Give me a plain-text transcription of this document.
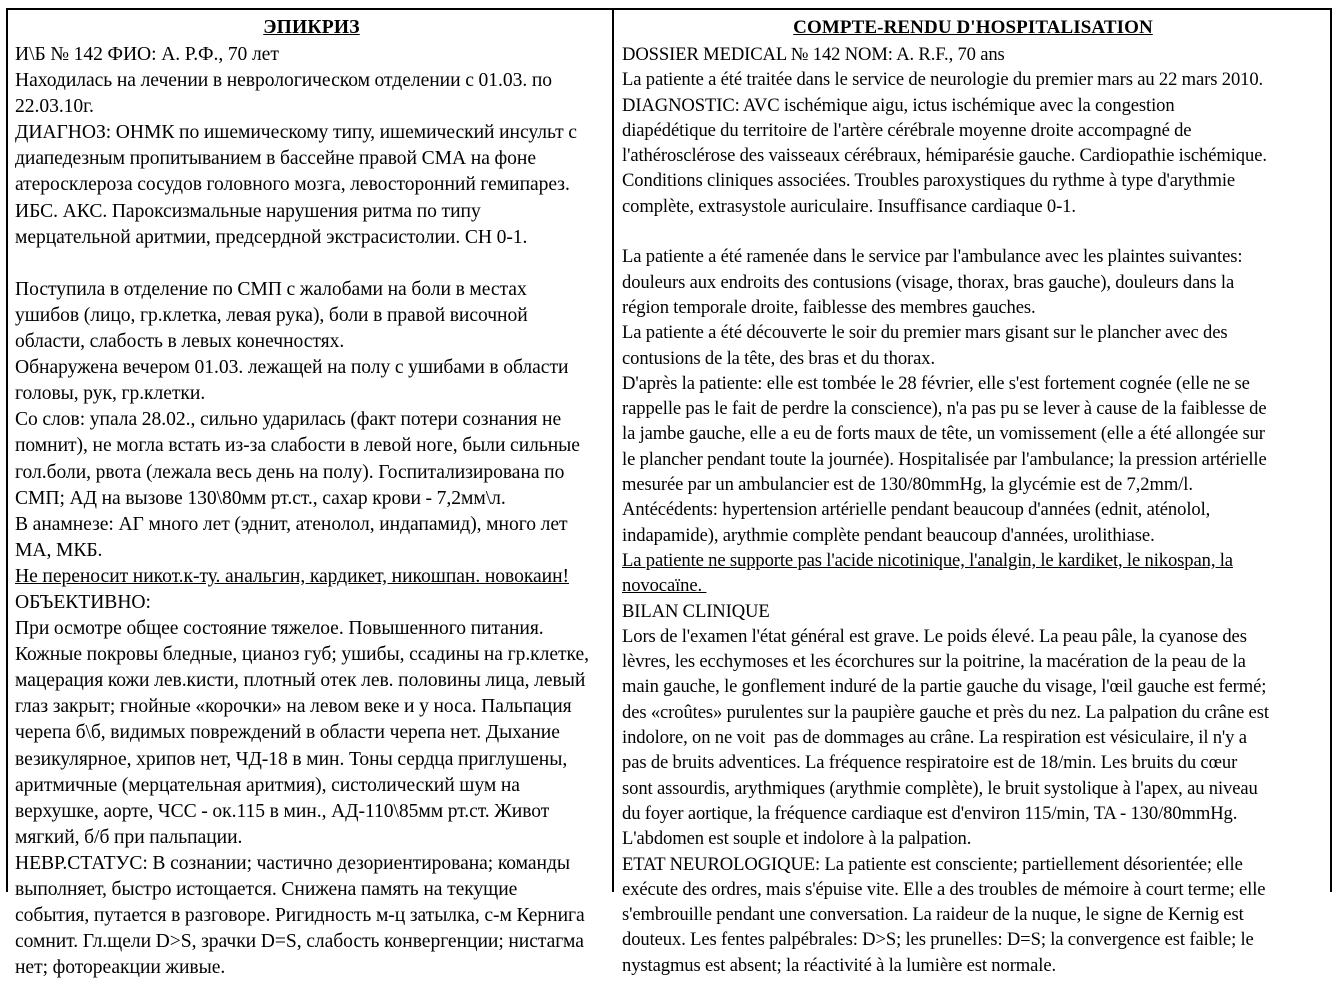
ЭПИКРИЗ
И\Б № 142 ФИО: А. Р.Ф., 70 лет
Находилась на лечении в неврологическом отделении с 01.03. по
22.03.10г.
ДИАГНОЗ: ОНМК по ишемическому типу, ишемический инсульт с
диапедезным пропитыванием в бассейне правой СМА на фоне
атеросклероза сосудов головного мозга, левосторонний гемипарез.
ИБС. АКС. Пароксизмальные нарушения ритма по типу
мерцательной аритмии, предсердной экстрасистолии. СН 0-1.

Поступила в отделение по СМП с жалобами на боли в местах
ушибов (лицо, гр.клетка, левая рука), боли в правой височной
области, слабость в левых конечностях.
Обнаружена вечером 01.03. лежащей на полу с ушибами в области
головы, рук, гр.клетки.
Со слов: упала 28.02., сильно ударилась (факт потери сознания не
помнит), не могла встать из-за слабости в левой ноге, были сильные
гол.боли, рвота (лежала весь день на полу). Госпитализирована по
СМП; АД на вызове 130\80мм рт.ст., сахар крови - 7,2мм\л.
В анамнезе: АГ много лет (эднит, атенолол, индапамид), много лет
МА, МКБ.
Не переносит никот.к-ту. анальгин, кардикет, никошпан. новокаин!
ОБЪЕКТИВНО:
При осмотре общее состояние тяжелое. Повышенного питания.
Кожные покровы бледные, цианоз губ; ушибы, ссадины на гр.клетке,
мацерация кожи лев.кисти, плотный отек лев. половины лица, левый
глаз закрыт; гнойные «корочки» на левом веке и у носа. Пальпация
черепа б\б, видимых повреждений в области черепа нет. Дыхание
везикулярное, хрипов нет, ЧД-18 в мин. Тоны сердца приглушены,
аритмичные (мерцательная аритмия), систолический шум на
верхушке, аорте, ЧСС - ок.115 в мин., АД-110\85мм рт.ст. Живот
мягкий, б/б при пальпации.
НЕВР.СТАТУС: В сознании; частично дезориентирована; команды
выполняет, быстро истощается. Снижена память на текущие
события, путается в разговоре. Ригидность м-ц затылка, с-м Кернига
сомнит. Гл.щели D>S, зрачки D=S, слабость конвергенции; нистагма
нет; фотореакции живые.
COMPTE-RENDU D'HOSPITALISATION
DOSSIER MEDICAL № 142 NOM: A. R.F., 70 ans
La patiente a été traitée dans le service de neurologie du premier mars au 22 mars 2010.
DIAGNOSTIC: AVC ischémique aigu, ictus ischémique avec la congestion
diapédétique du territoire de l'artère cérébrale moyenne droite accompagné de
l'athérosclérose des vaisseaux cérébraux, hémiparésie gauche. Cardiopathie ischémique.
Conditions cliniques associées. Troubles paroxystiques du rythme à type d'arythmie
complète, extrasystole auriculaire. Insuffisance cardiaque 0-1.

La patiente a été ramenée dans le service par l'ambulance avec les plaintes suivantes:
douleurs aux endroits des contusions (visage, thorax, bras gauche), douleurs dans la
région temporale droite, faiblesse des membres gauches.
La patiente a été découverte le soir du premier mars gisant sur le plancher avec des
contusions de la tête, des bras et du thorax.
D'après la patiente: elle est tombée le 28 février, elle s'est fortement cognée (elle ne se
rappelle pas le fait de perdre la conscience), n'a pas pu se lever à cause de la faiblesse de
la jambe gauche, elle a eu de forts maux de tête, un vomissement (elle a été allongée sur
le plancher pendant toute la journée). Hospitalisée par l'ambulance; la pression artérielle
mesurée par un ambulancier est de 130/80mmHg, la glycémie est de 7,2mm/l.
Antécédents: hypertension artérielle pendant beaucoup d'années (ednit, aténolol,
indapamide), arythmie complète pendant beaucoup d'années, urolithiase.
La patiente ne supporte pas l'acide nicotinique, l'analgin, le kardiket, le nikospan, la
novocaïne.
BILAN CLINIQUE
Lors de l'examen l'état général est grave. Le poids élevé. La peau pâle, la cyanose des
lèvres, les ecchymoses et les écorchures sur la poitrine, la macération de la peau de la
main gauche, le gonflement induré de la partie gauche du visage, l'œil gauche est fermé;
des «croûtes» purulentes sur la paupière gauche et près du nez. La palpation du crâne est
indolore, on ne voit  pas de dommages au crâne. La respiration est vésiculaire, il n'y a
pas de bruits adventices. La fréquence respiratoire est de 18/min. Les bruits du cœur
sont assourdis, arythmiques (arythmie complète), le bruit systolique à l'apex, au niveau
du foyer aortique, la fréquence cardiaque est d'environ 115/min, TA - 130/80mmHg.
L'abdomen est souple et indolore à la palpation.
ETAT NEUROLOGIQUE: La patiente est consciente; partiellement désorientée; elle
exécute des ordres, mais s'épuise vite. Elle a des troubles de mémoire à court terme; elle
s'embrouille pendant une conversation. La raideur de la nuque, le signe de Kernig est
douteux. Les fentes palpébrales: D>S; les prunelles: D=S; la convergence est faible; le
nystagmus est absent; la réactivité à la lumière est normale.
